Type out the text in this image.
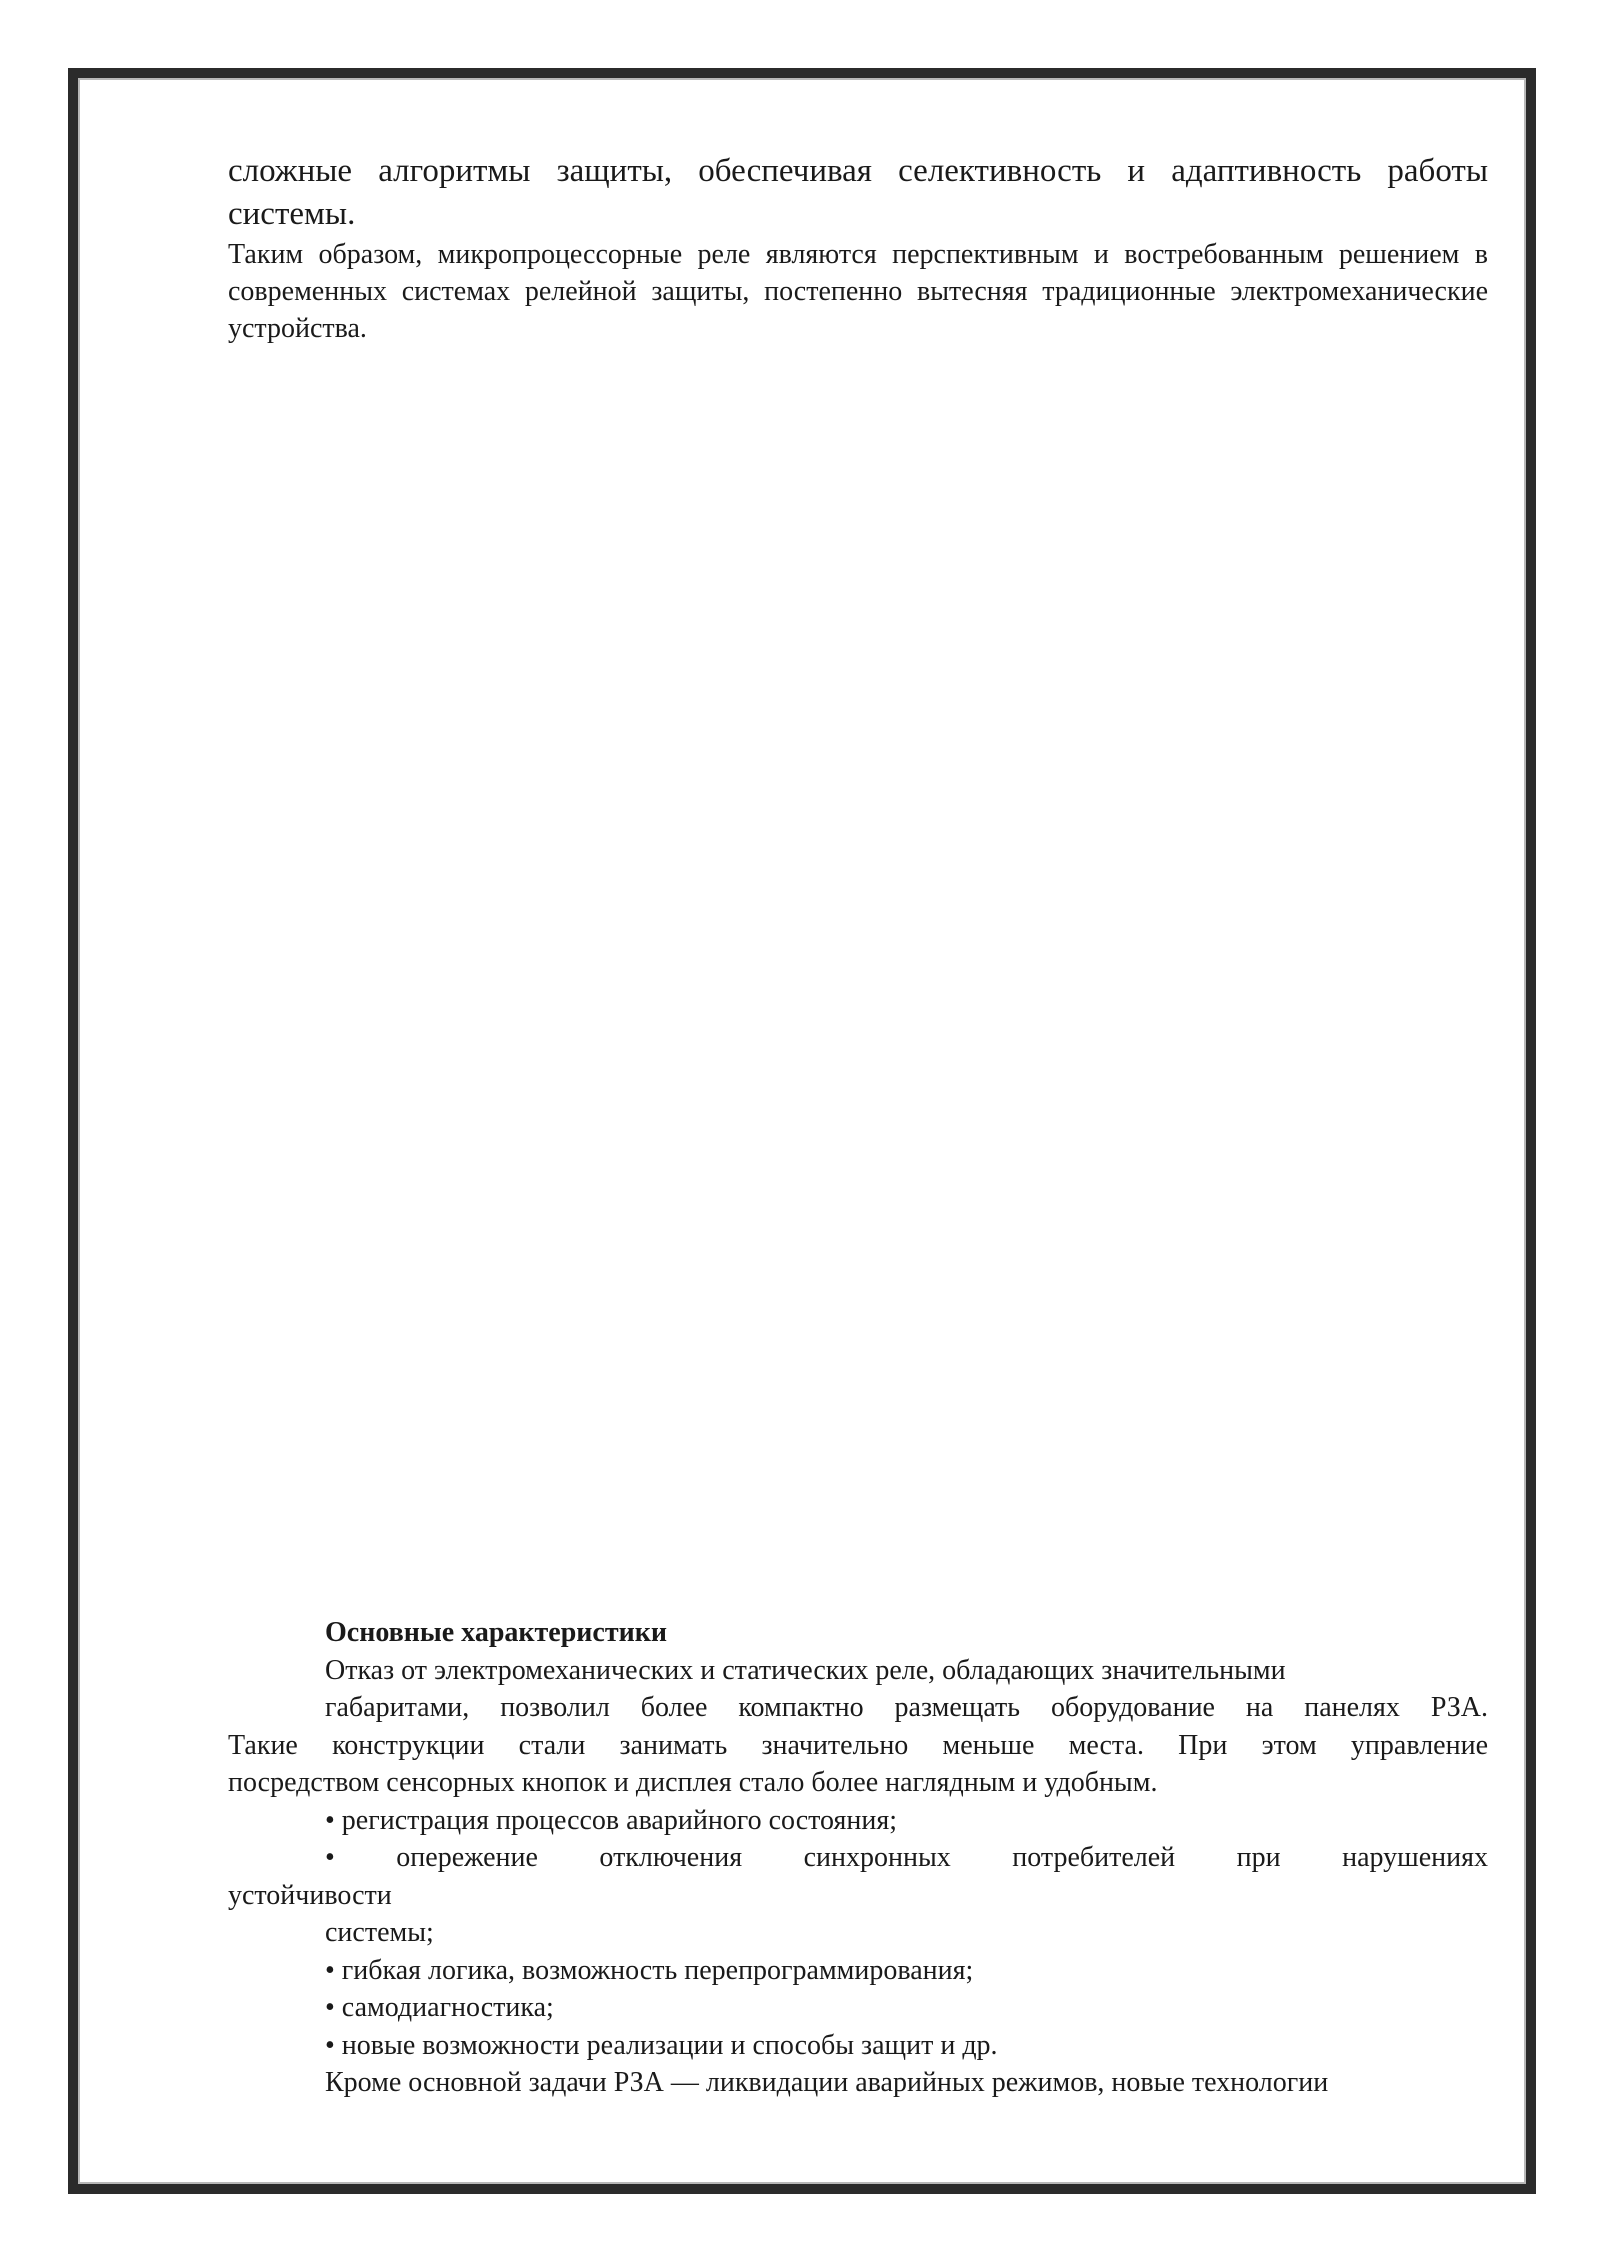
сложные алгоритмы защиты, обеспечивая селективность и адаптивность работы системы.

Таким образом, микропроцессорные реле являются перспективным и востребованным решением в современных системах релейной защиты, постепенно вытесняя традиционные электромеханические устройства.

Основные характеристики

Отказ от электромеханических и статических реле, обладающих значительными

габаритами, позволил более компактно размещать оборудование на панелях РЗА.

Такие конструкции стали занимать значительно меньше места. При этом управление

посредством сенсорных кнопок и дисплея стало более наглядным и удобным.

• регистрация процессов аварийного состояния;

• опережение отключения синхронных потребителей при нарушениях

устойчивости

системы;

• гибкая логика, возможность перепрограммирования;

• самодиагностика;

• новые возможности реализации и способы защит и др.

Кроме основной задачи РЗА — ликвидации аварийных режимов, новые технологии
